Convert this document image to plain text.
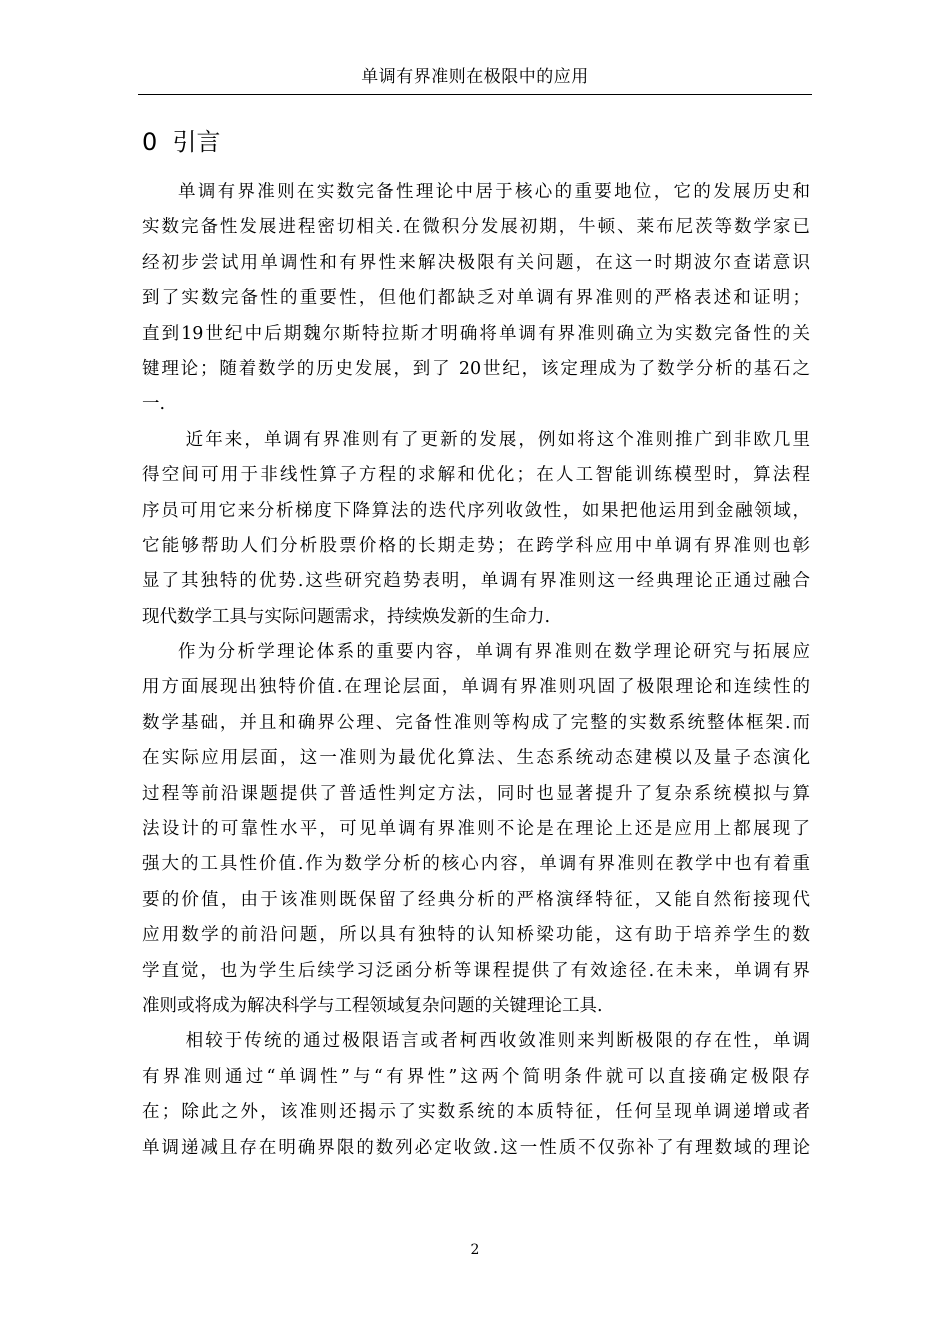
单调有界准则在极限中的应用
0  引言
单调有界准则在实数完备性理论中居于核心的重要地位，它的发展历史和
实数完备性发展进程密切相关.在微积分发展初期，牛顿、莱布尼茨等数学家已
经初步尝试用单调性和有界性来解决极限有关问题，在这一时期波尔查诺意识
到了实数完备性的重要性，但他们都缺乏对单调有界准则的严格表述和证明；
直到19世纪中后期魏尔斯特拉斯才明确将单调有界准则确立为实数完备性的关
键理论；随着数学的历史发展，到了 20世纪，该定理成为了数学分析的基石之
一.
近年来，单调有界准则有了更新的发展，例如将这个准则推广到非欧几里
得空间可用于非线性算子方程的求解和优化；在人工智能训练模型时，算法程
序员可用它来分析梯度下降算法的迭代序列收敛性，如果把他运用到金融领域，
它能够帮助人们分析股票价格的长期走势；在跨学科应用中单调有界准则也彰
显了其独特的优势.这些研究趋势表明，单调有界准则这一经典理论正通过融合
现代数学工具与实际问题需求，持续焕发新的生命力.
作为分析学理论体系的重要内容，单调有界准则在数学理论研究与拓展应
用方面展现出独特价值.在理论层面，单调有界准则巩固了极限理论和连续性的
数学基础，并且和确界公理、完备性准则等构成了完整的实数系统整体框架.而
在实际应用层面，这一准则为最优化算法、生态系统动态建模以及量子态演化
过程等前沿课题提供了普适性判定方法，同时也显著提升了复杂系统模拟与算
法设计的可靠性水平，可见单调有界准则不论是在理论上还是应用上都展现了
强大的工具性价值.作为数学分析的核心内容，单调有界准则在教学中也有着重
要的价值，由于该准则既保留了经典分析的严格演绎特征，又能自然衔接现代
应用数学的前沿问题，所以具有独特的认知桥梁功能，这有助于培养学生的数
学直觉，也为学生后续学习泛函分析等课程提供了有效途径.在未来，单调有界
准则或将成为解决科学与工程领域复杂问题的关键理论工具.
相较于传统的通过极限语言或者柯西收敛准则来判断极限的存在性，单调
有界准则通过“单调性”与“有界性”这两个简明条件就可以直接确定极限存
在；除此之外，该准则还揭示了实数系统的本质特征，任何呈现单调递增或者
单调递减且存在明确界限的数列必定收敛.这一性质不仅弥补了有理数域的理论
2
